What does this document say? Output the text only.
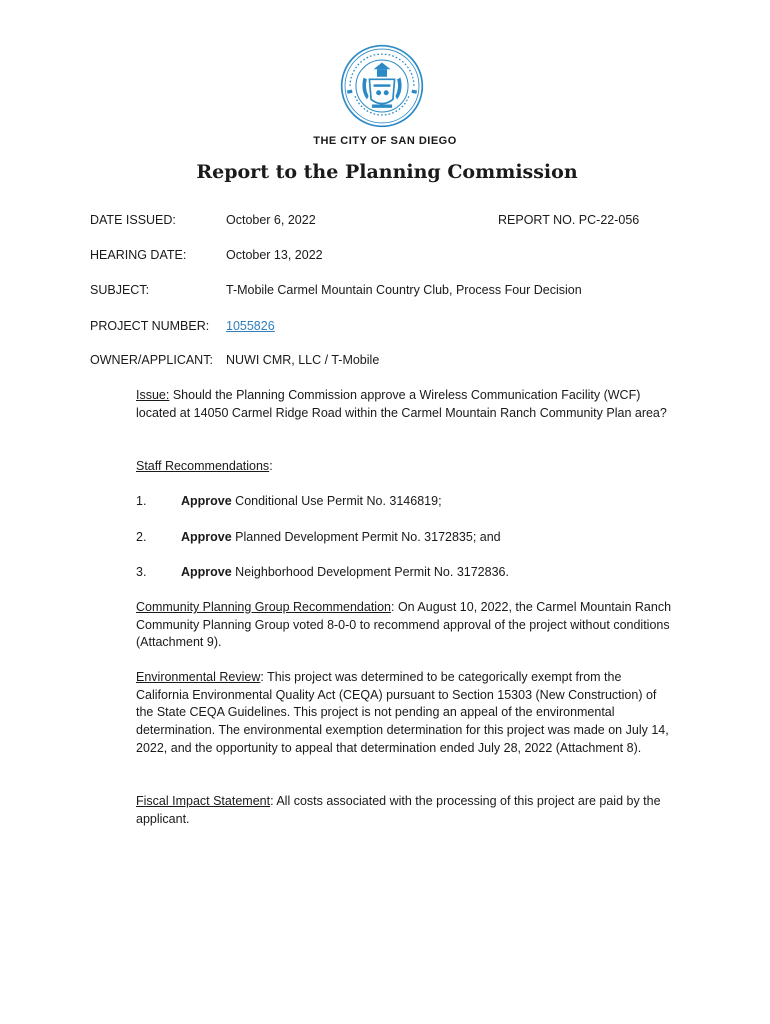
THE CITY OF SAN DIEGO
Report to the Planning Commission
DATE ISSUED:	October 6, 2022	REPORT NO. PC-22-056
HEARING DATE:	October 13, 2022
SUBJECT:	T-Mobile Carmel Mountain Country Club, Process Four Decision
PROJECT NUMBER: 1055826
OWNER/APPLICANT: NUWI CMR, LLC / T-Mobile
Issue: Should the Planning Commission approve a Wireless Communication Facility (WCF) located at 14050 Carmel Ridge Road within the Carmel Mountain Ranch Community Plan area?
Staff Recommendations:
1.	Approve Conditional Use Permit No. 3146819;
2.	Approve Planned Development Permit No. 3172835; and
3.	Approve Neighborhood Development Permit No. 3172836.
Community Planning Group Recommendation: On August 10, 2022, the Carmel Mountain Ranch Community Planning Group voted 8-0-0 to recommend approval of the project without conditions (Attachment 9).
Environmental Review: This project was determined to be categorically exempt from the California Environmental Quality Act (CEQA) pursuant to Section 15303 (New Construction) of the State CEQA Guidelines. This project is not pending an appeal of the environmental determination. The environmental exemption determination for this project was made on July 14, 2022, and the opportunity to appeal that determination ended July 28, 2022 (Attachment 8).
Fiscal Impact Statement: All costs associated with the processing of this project are paid by the applicant.
